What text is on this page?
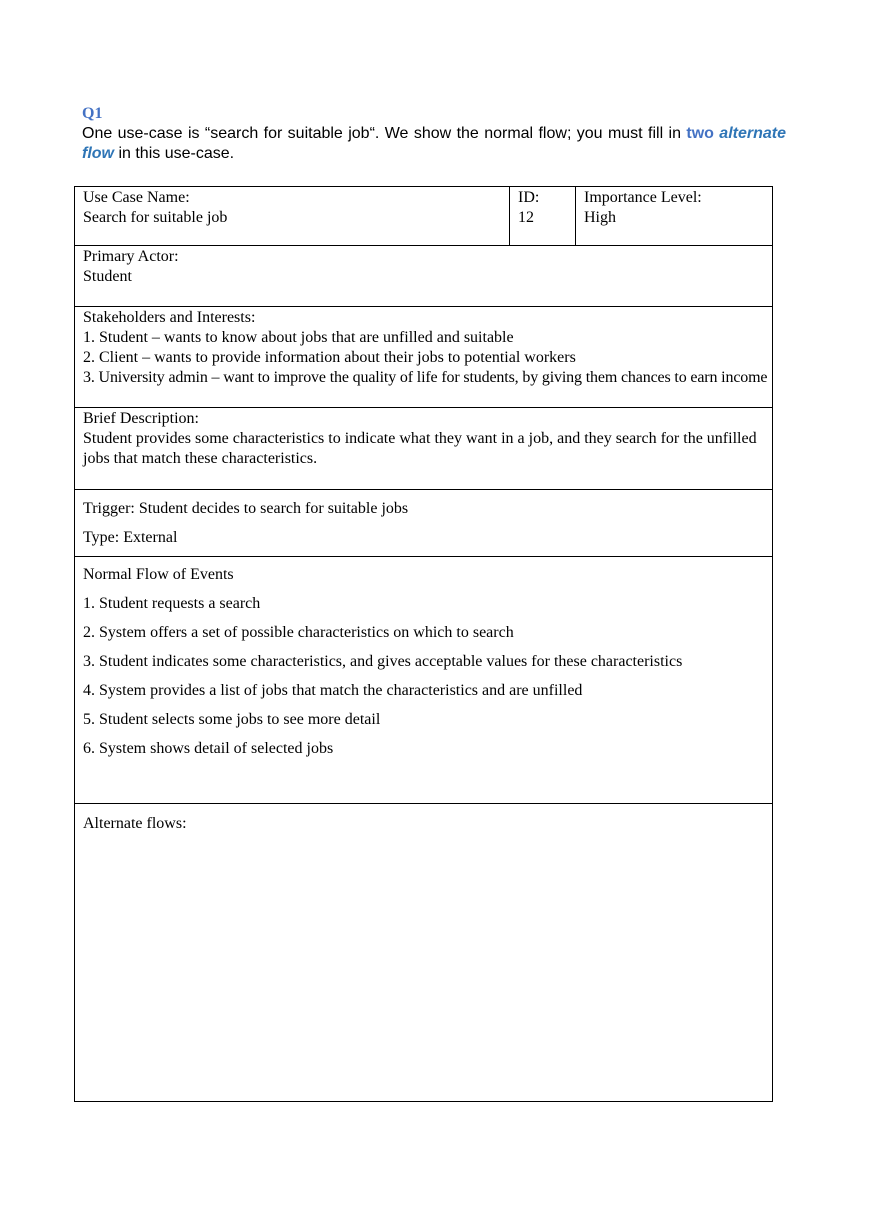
Q1
One use-case is “search for suitable job“. We show the normal flow; you must fill in two alternate flow in this use-case.
Use Case Name:
Search for suitable job

ID:
12

Importance Level:
High

Primary Actor:
Student

Stakeholders and Interests:
1. Student – wants to know about jobs that are unfilled and suitable
2. Client – wants to provide information about their jobs to potential workers
3. University admin – want to improve the quality of life for students, by giving them chances to earn income

Brief Description:
Student provides some characteristics to indicate what they want in a job, and they search for the unfilled jobs that match these characteristics.

Trigger: Student decides to search for suitable jobs
Type: External

Normal Flow of Events
1. Student requests a search
2. System offers a set of possible characteristics on which to search
3. Student indicates some characteristics, and gives acceptable values for these characteristics
4. System provides a list of jobs that match the characteristics and are unfilled
5. Student selects some jobs to see more detail
6. System shows detail of selected jobs

Alternate flows:
